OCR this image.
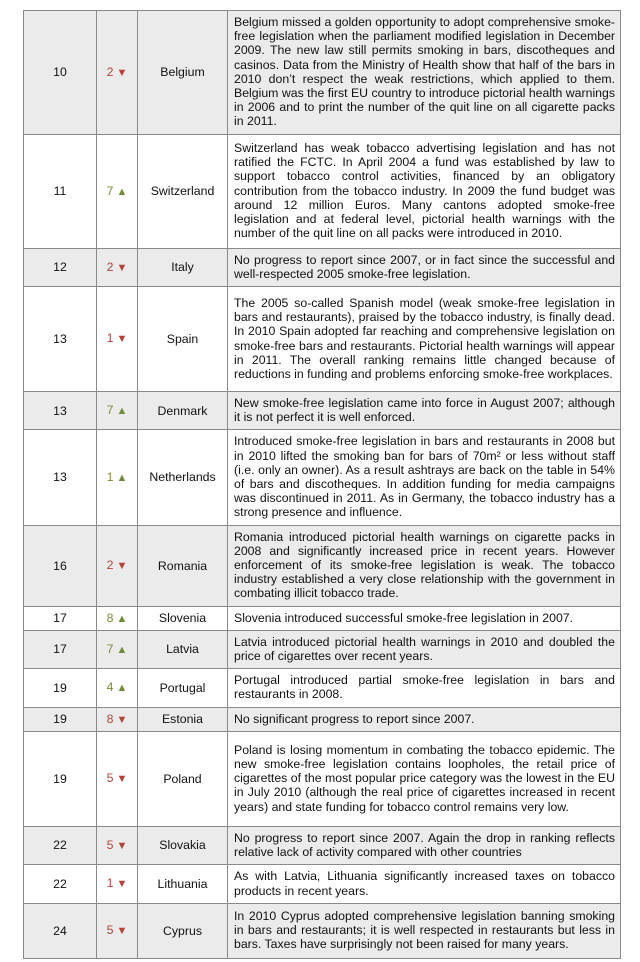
10	2 ▼	Belgium	Belgium missed a golden opportunity to adopt comprehensive smoke-free legislation when the parliament modified legislation in December 2009. The new law still permits smoking in bars, discotheques and casinos. Data from the Ministry of Health show that half of the bars in 2010 don’t respect the weak restrictions, which applied to them. Belgium was the first EU country to introduce pictorial health warnings in 2006 and to print the number of the quit line on all cigarette packs in 2011.
11	7 ▲	Switzerland	Switzerland has weak tobacco advertising legislation and has not ratified the FCTC. In April 2004 a fund was established by law to support tobacco control activities, financed by an obligatory contribution from the tobacco industry. In 2009 the fund budget was around 12 million Euros. Many cantons adopted smoke-free legislation and at federal level, pictorial health warnings with the number of the quit line on all packs were introduced in 2010.
12	2 ▼	Italy	No progress to report since 2007, or in fact since the successful and well-respected 2005 smoke-free legislation.
13	1 ▼	Spain	The 2005 so-called Spanish model (weak smoke-free legislation in bars and restaurants), praised by the tobacco industry, is finally dead. In 2010 Spain adopted far reaching and comprehensive legislation on smoke-free bars and restaurants. Pictorial health warnings will appear in 2011. The overall ranking remains little changed because of reductions in funding and problems enforcing smoke-free workplaces.
13	7 ▲	Denmark	New smoke-free legislation came into force in August 2007; although it is not perfect it is well enforced.
13	1 ▲	Netherlands	Introduced smoke-free legislation in bars and restaurants in 2008 but in 2010 lifted the smoking ban for bars of 70m² or less without staff (i.e. only an owner). As a result ashtrays are back on the table in 54% of bars and discotheques. In addition funding for media campaigns was discontinued in 2011. As in Germany, the tobacco industry has a strong presence and influence.
16	2 ▼	Romania	Romania introduced pictorial health warnings on cigarette packs in 2008 and significantly increased price in recent years. However enforcement of its smoke-free legislation is weak. The tobacco industry established a very close relationship with the government in combating illicit tobacco trade.
17	8 ▲	Slovenia	Slovenia introduced successful smoke-free legislation in 2007.
17	7 ▲	Latvia	Latvia introduced pictorial health warnings in 2010 and doubled the price of cigarettes over recent years.
19	4 ▲	Portugal	Portugal introduced partial smoke-free legislation in bars and restaurants in 2008.
19	8 ▼	Estonia	No significant progress to report since 2007.
19	5 ▼	Poland	Poland is losing momentum in combating the tobacco epidemic. The new smoke-free legislation contains loopholes, the retail price of cigarettes of the most popular price category was the lowest in the EU in July 2010 (although the real price of cigarettes increased in recent years) and state funding for tobacco control remains very low.
22	5 ▼	Slovakia	No progress to report since 2007. Again the drop in ranking reflects relative lack of activity compared with other countries
22	1 ▼	Lithuania	As with Latvia, Lithuania significantly increased taxes on tobacco products in recent years.
24	5 ▼	Cyprus	In 2010 Cyprus adopted comprehensive legislation banning smoking in bars and restaurants; it is well respected in restaurants but less in bars. Taxes have surprisingly not been raised for many years.
